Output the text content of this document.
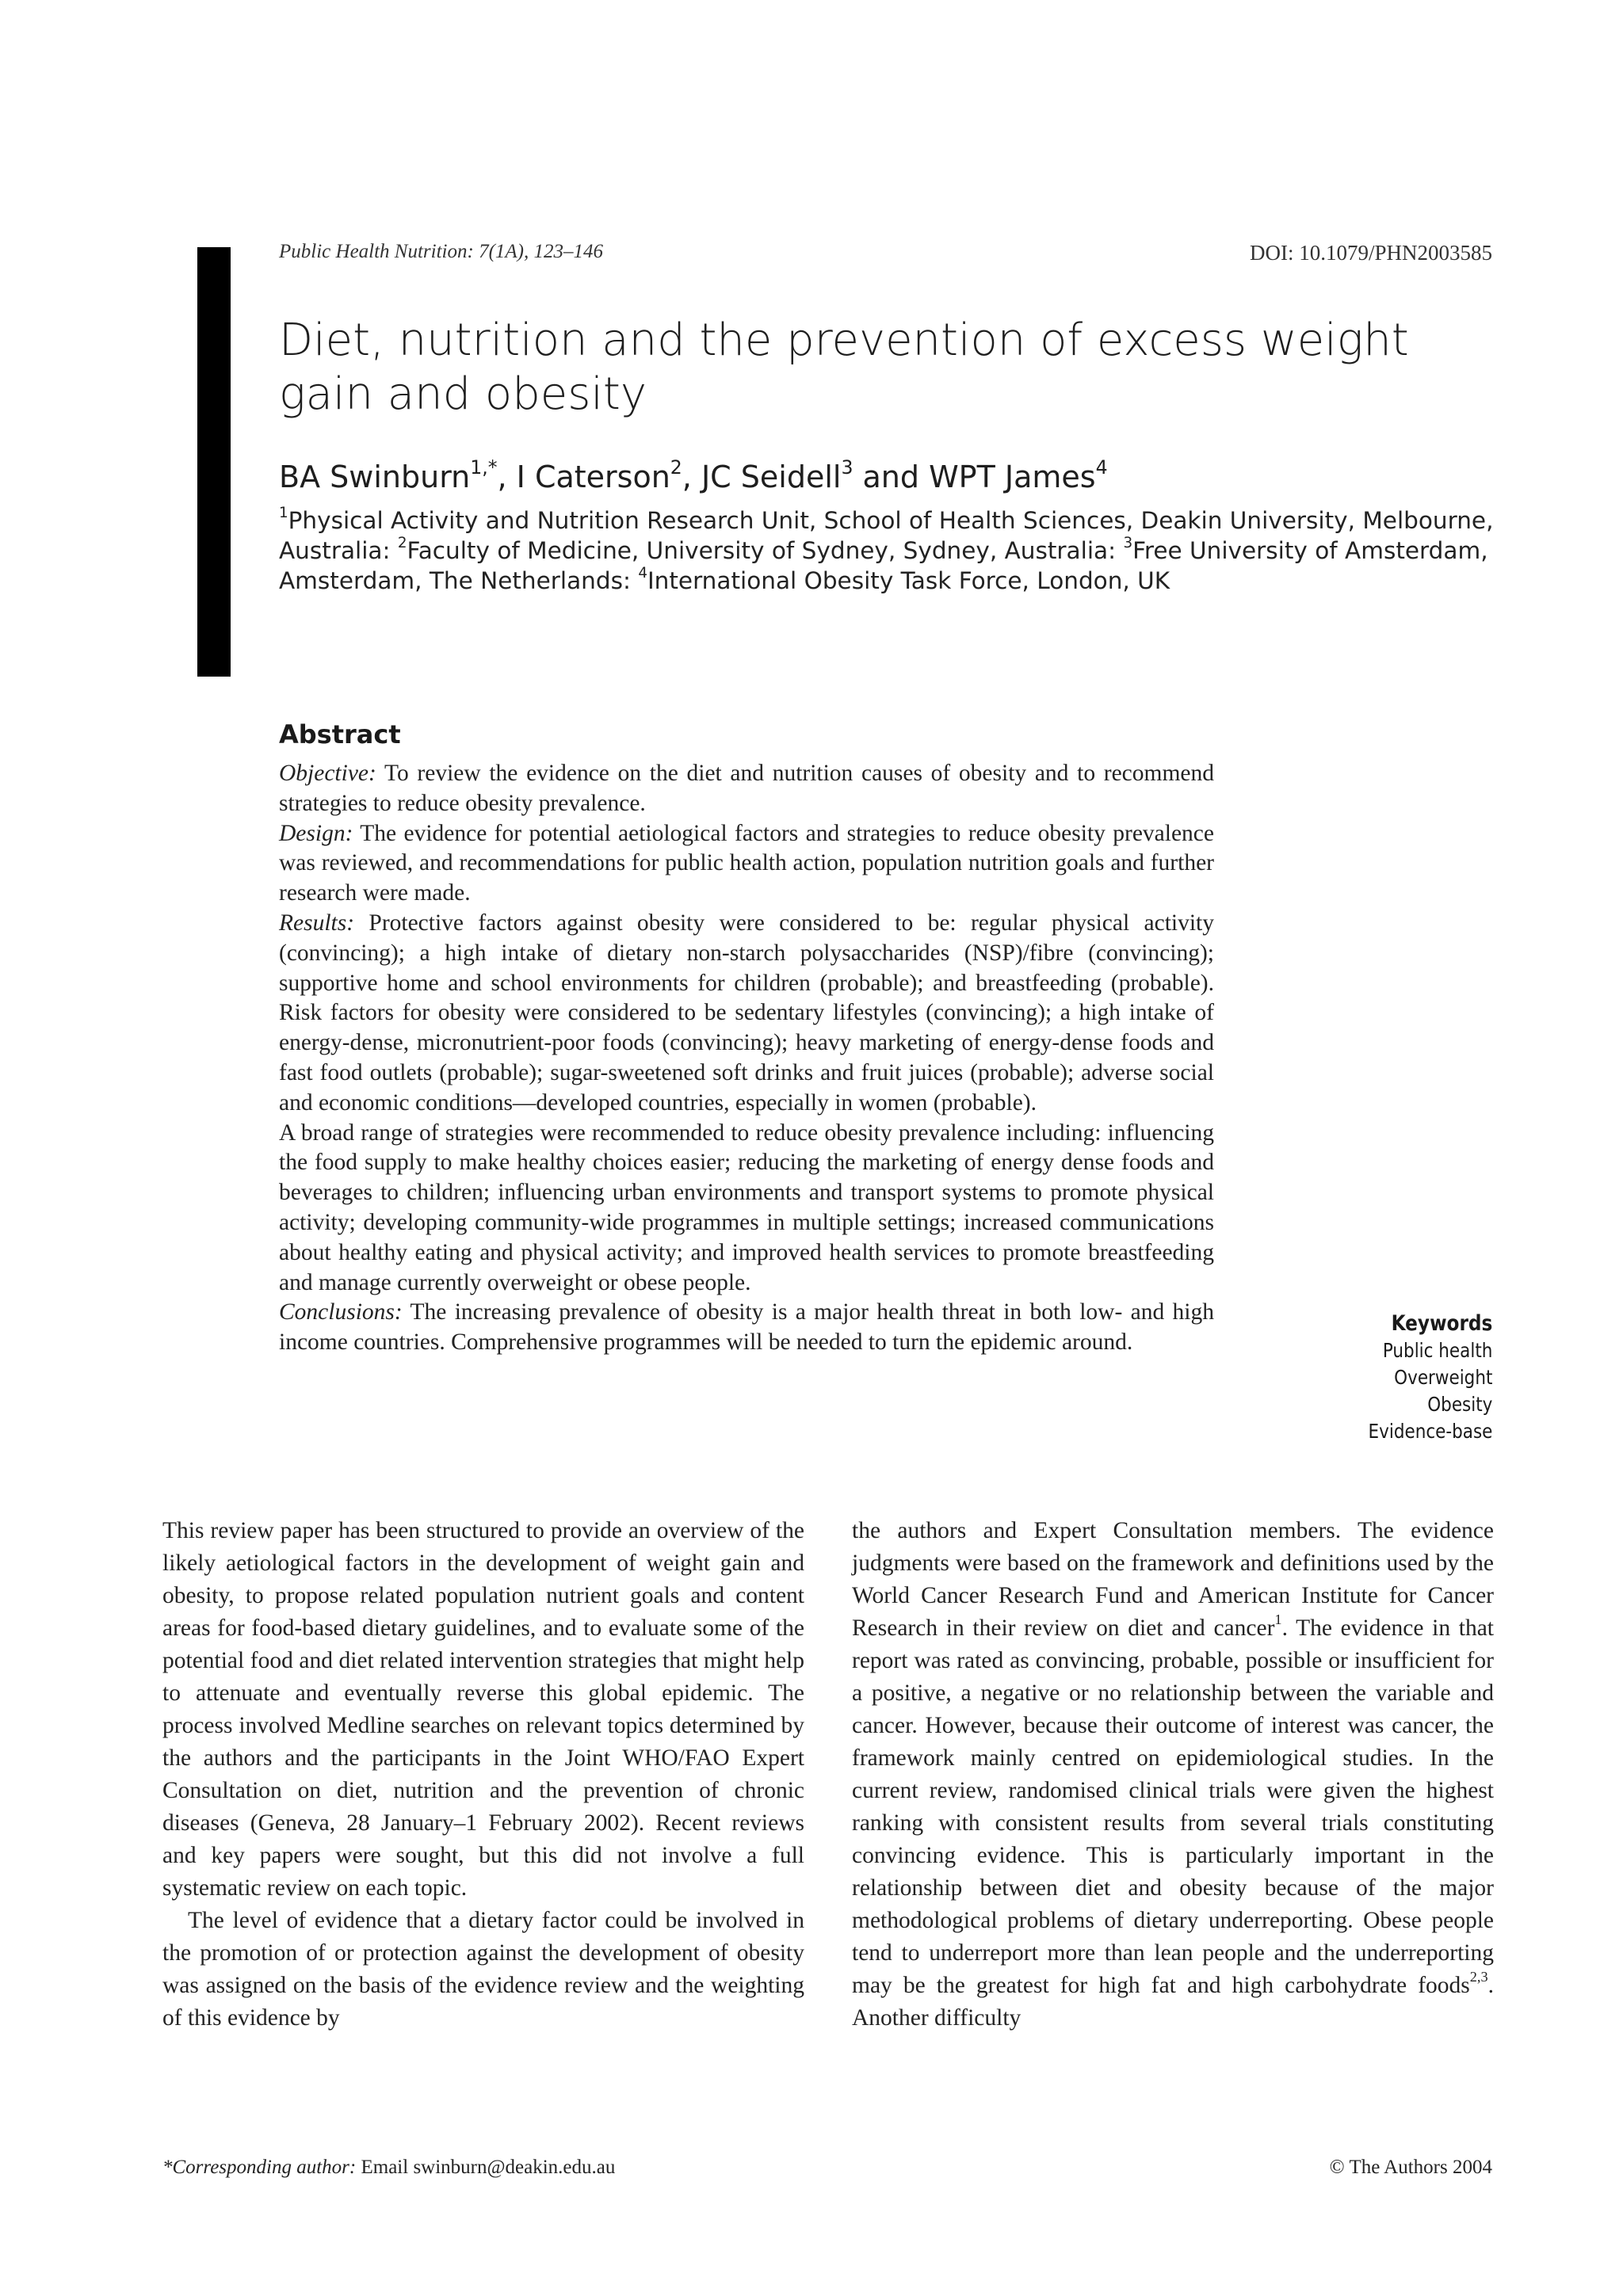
Public Health Nutrition: 7(1A), 123–146	DOI: 10.1079/PHN2003585
Diet, nutrition and the prevention of excess weight gain and obesity
BA Swinburn$^{1,*}$, I Caterson$^2$, JC Seidell$^3$ and WPT James$^4$
$^1$Physical Activity and Nutrition Research Unit, School of Health Sciences, Deakin University, Melbourne, Australia: $^2$Faculty of Medicine, University of Sydney, Sydney, Australia: $^3$Free University of Amsterdam, Amsterdam, The Netherlands: $^4$International Obesity Task Force, London, UK
Abstract

Objective: To review the evidence on the diet and nutrition causes of obesity and to recommend strategies to reduce obesity prevalence.

Design: The evidence for potential aetiological factors and strategies to reduce obesity prevalence was reviewed, and recommendations for public health action, population nutrition goals and further research were made.

Results: Protective factors against obesity were considered to be: regular physical activity (convincing); a high intake of dietary non-starch polysaccharides (NSP)/fibre (convincing); supportive home and school environments for children (probable); and breastfeeding (probable). Risk factors for obesity were considered to be sedentary lifestyles (convincing); a high intake of energy-dense, micronutrient-poor foods (convincing); heavy marketing of energy-dense foods and fast food outlets (probable); sugar-sweetened soft drinks and fruit juices (probable); adverse social and economic conditions—developed countries, especially in women (probable).

A broad range of strategies were recommended to reduce obesity prevalence including: influencing the food supply to make healthy choices easier; reducing the marketing of energy dense foods and beverages to children; influencing urban environments and transport systems to promote physical activity; developing community-wide programmes in multiple settings; increased communications about healthy eating and physical activity; and improved health services to promote breastfeeding and manage currently overweight or obese people.

Conclusions: The increasing prevalence of obesity is a major health threat in both low- and high income countries. Comprehensive programmes will be needed to turn the epidemic around.

Keywords
Public health
Overweight
Obesity
Evidence-base

This review paper has been structured to provide an overview of the likely aetiological factors in the development of weight gain and obesity, to propose related population nutrient goals and content areas for food-based dietary guidelines, and to evaluate some of the potential food and diet related intervention strategies that might help to attenuate and eventually reverse this global epidemic. The process involved Medline searches on relevant topics determined by the authors and the participants in the Joint WHO/FAO Expert Consultation on diet, nutrition and the prevention of chronic diseases (Geneva, 28 January–1 February 2002). Recent reviews and key papers were sought, but this did not involve a full systematic review on each topic.

The level of evidence that a dietary factor could be involved in the promotion of or protection against the development of obesity was assigned on the basis of the evidence review and the weighting of this evidence by

the authors and Expert Consultation members. The evidence judgments were based on the framework and definitions used by the World Cancer Research Fund and American Institute for Cancer Research in their review on diet and cancer$^1$. The evidence in that report was rated as convincing, probable, possible or insufficient for a positive, a negative or no relationship between the variable and cancer. However, because their outcome of interest was cancer, the framework mainly centred on epidemiological studies. In the current review, randomised clinical trials were given the highest ranking with consistent results from several trials constituting convincing evidence. This is particularly important in the relationship between diet and obesity because of the major methodological problems of dietary underreporting. Obese people tend to underreport more than lean people and the underreporting may be the greatest for high fat and high carbohydrate foods$^{2,3}$. Another difficulty

*Corresponding author: Email swinburn@deakin.edu.au	© The Authors 2004
